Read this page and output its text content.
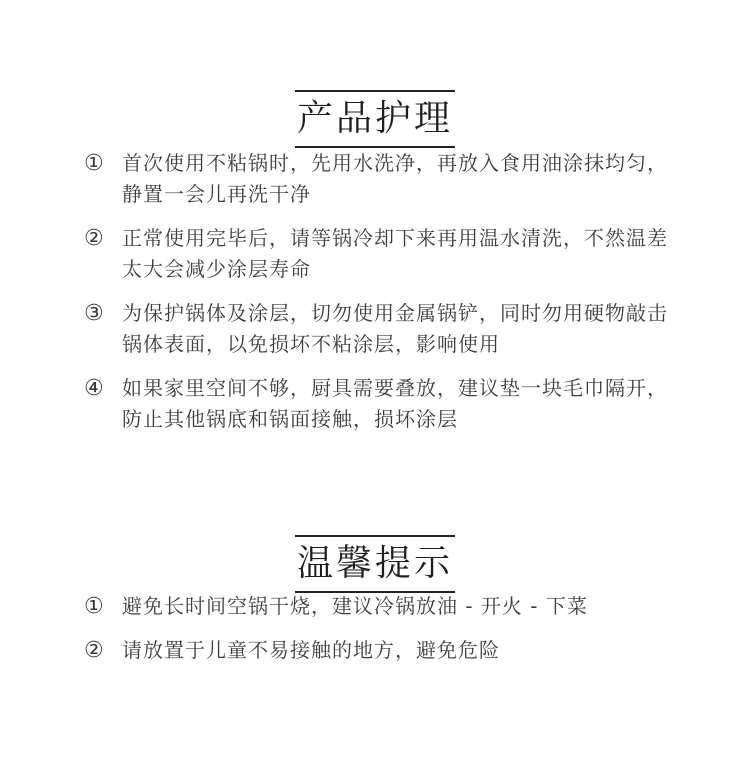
产品护理
① 首次使用不粘锅时，先用水洗净，再放入食用油涂抹均匀，静置一会儿再洗干净
② 正常使用完毕后，请等锅冷却下来再用温水清洗，不然温差太大会减少涂层寿命
③ 为保护锅体及涂层，切勿使用金属锅铲，同时勿用硬物敲击锅体表面，以免损坏不粘涂层，影响使用
④ 如果家里空间不够，厨具需要叠放，建议垫一块毛巾隔开，防止其他锅底和锅面接触，损坏涂层
温馨提示
① 避免长时间空锅干烧，建议冷锅放油 - 开火 - 下菜
② 请放置于儿童不易接触的地方，避免危险
